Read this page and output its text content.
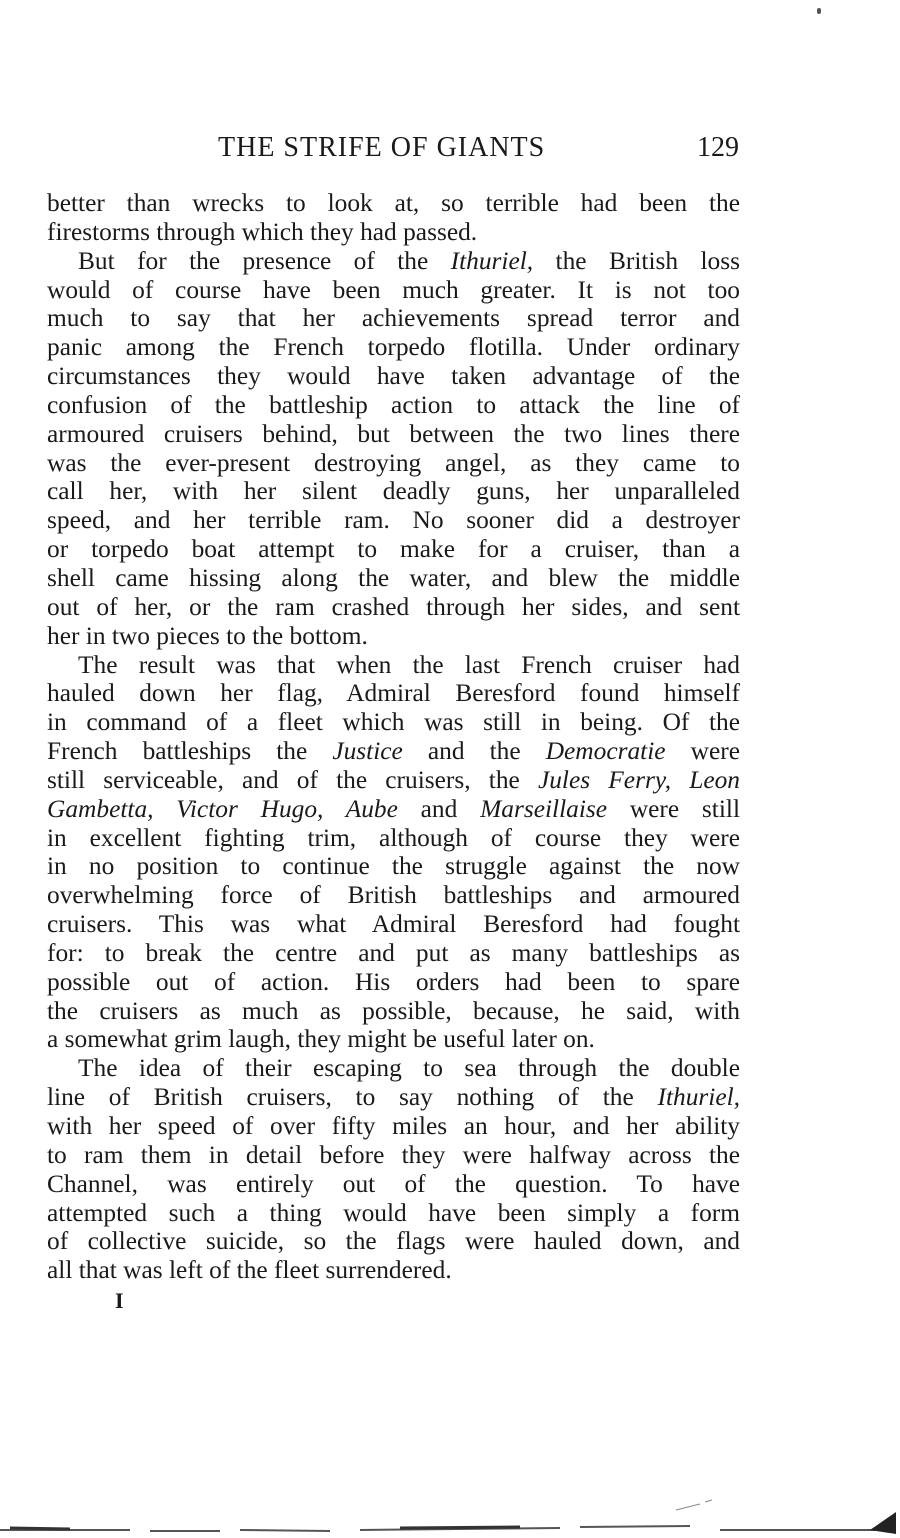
THE STRIFE OF GIANTS	129
better than wrecks to look at, so terrible had been the
firestorms through which they had passed.
But for the presence of the Ithuriel, the British loss
would of course have been much greater. It is not too
much to say that her achievements spread terror and
panic among the French torpedo flotilla. Under ordinary
circumstances they would have taken advantage of the
confusion of the battleship action to attack the line of
armoured cruisers behind, but between the two lines there
was the ever-present destroying angel, as they came to
call her, with her silent deadly guns, her unparalleled
speed, and her terrible ram. No sooner did a destroyer
or torpedo boat attempt to make for a cruiser, than a
shell came hissing along the water, and blew the middle
out of her, or the ram crashed through her sides, and sent
her in two pieces to the bottom.
The result was that when the last French cruiser had
hauled down her flag, Admiral Beresford found himself
in command of a fleet which was still in being. Of the
French battleships the Justice and the Democratie were
still serviceable, and of the cruisers, the Jules Ferry, Leon
Gambetta, Victor Hugo, Aube and Marseillaise were still
in excellent fighting trim, although of course they were
in no position to continue the struggle against the now
overwhelming force of British battleships and armoured
cruisers. This was what Admiral Beresford had fought
for: to break the centre and put as many battleships as
possible out of action. His orders had been to spare
the cruisers as much as possible, because, he said, with
a somewhat grim laugh, they might be useful later on.
The idea of their escaping to sea through the double
line of British cruisers, to say nothing of the Ithuriel,
with her speed of over fifty miles an hour, and her ability
to ram them in detail before they were halfway across the
Channel, was entirely out of the question. To have
attempted such a thing would have been simply a form
of collective suicide, so the flags were hauled down, and
all that was left of the fleet surrendered.
I
